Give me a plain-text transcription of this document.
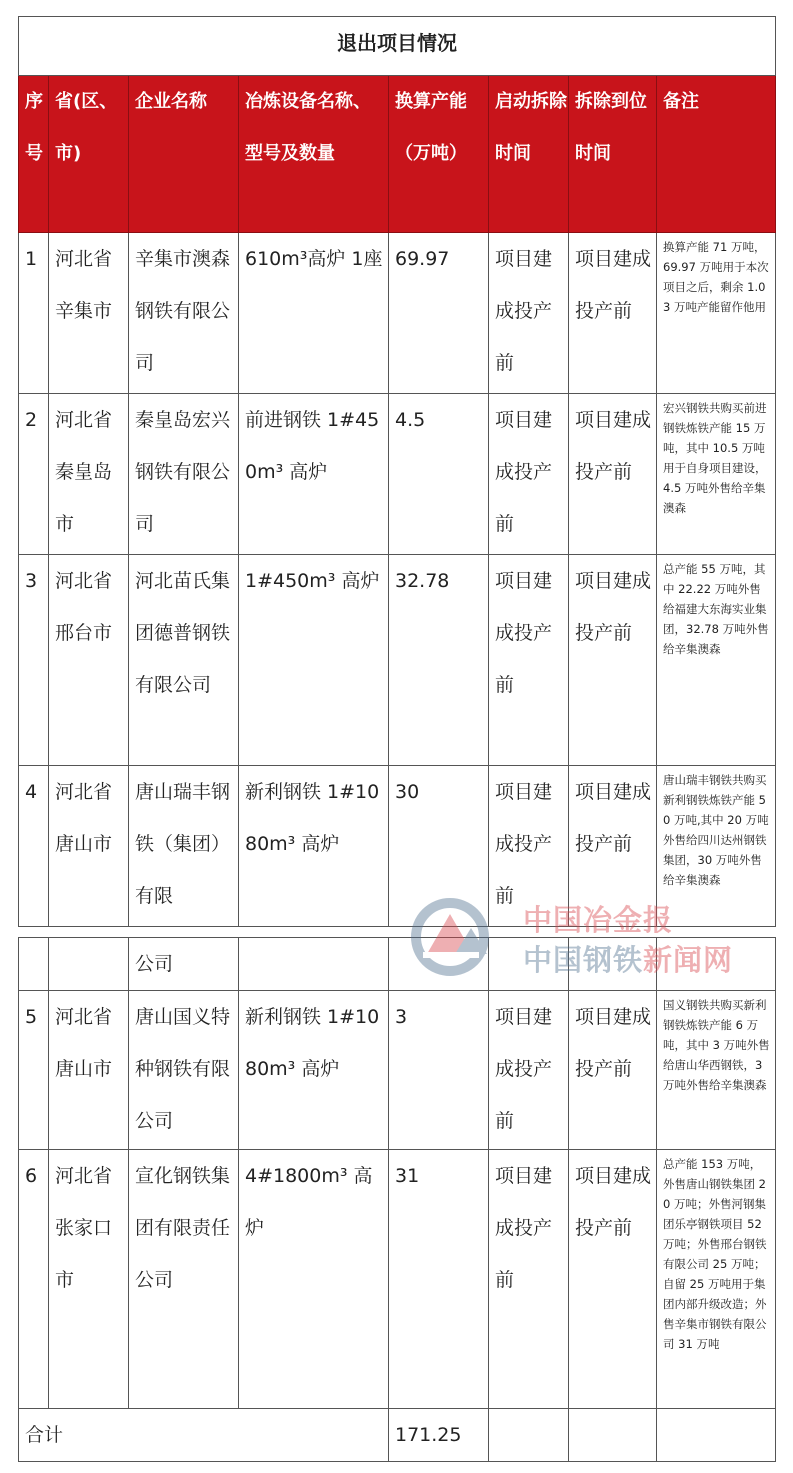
退出项目情况							
序号	省(区、市)	企业名称	冶炼设备名称、型号及数量	换算产能（万吨）	启动拆除时间	拆除到位时间	备注
1	河北省辛集市	辛集市澳森钢铁有限公司	610m³高炉 1座	69.97	项目建成投产前	项目建成投产前	换算产能 71 万吨，69.97 万吨用于本次项目之后，剩余 1.03 万吨产能留作他用
2	河北省秦皇岛市	秦皇岛宏兴钢铁有限公司	前进钢铁 1#450m³ 高炉	4.5	项目建成投产前	项目建成投产前	宏兴钢铁共购买前进钢铁炼铁产能 15 万吨，其中 10.5 万吨用于自身项目建设，4.5 万吨外售给辛集澳森
3	河北省邢台市	河北苗氏集团德普钢铁有限公司	1#450m³ 高炉	32.78	项目建成投产前	项目建成投产前	总产能 55 万吨，其中 22.22 万吨外售给福建大东海实业集团，32.78 万吨外售给辛集澳森
4	河北省唐山市	唐山瑞丰钢铁（集团）有限	新利钢铁 1#1080m³ 高炉	30	项目建成投产前	项目建成投产前	唐山瑞丰钢铁共购买新利钢铁炼铁产能 50 万吨,其中 20 万吨外售给四川达州钢铁集团，30 万吨外售给辛集澳森
		公司					
5	河北省唐山市	唐山国义特种钢铁有限公司	新利钢铁 1#1080m³ 高炉	3	项目建成投产前	项目建成投产前	国义钢铁共购买新利钢铁炼铁产能 6 万吨，其中 3 万吨外售给唐山华西钢铁，3 万吨外售给辛集澳森
6	河北省张家口市	宣化钢铁集团有限责任公司	4#1800m³ 高炉	31	项目建成投产前	项目建成投产前	总产能 153 万吨，外售唐山钢铁集团 20 万吨；外售河钢集团乐亭钢铁项目 52 万吨；外售邢台钢铁有限公司 25 万吨；自留 25 万吨用于集团内部升级改造；外售辛集市钢铁有限公司 31 万吨
合计				171.25			
中国冶金报
中国钢铁新闻网
